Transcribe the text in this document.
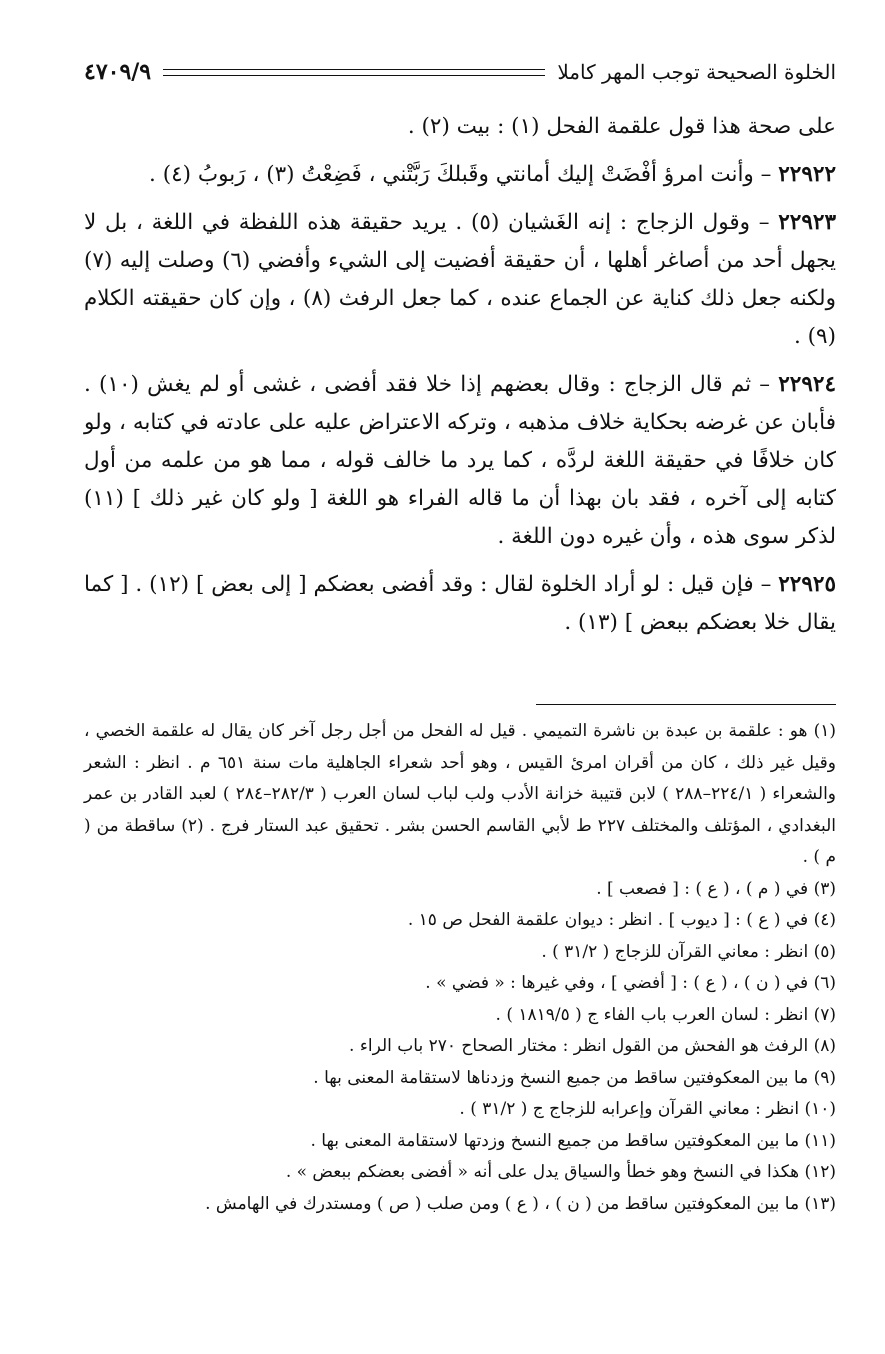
الخلوة الصحيحة توجب المهر كاملا
٤٧٠٩/٩

على صحة هذا قول علقمة الفحل (١) : بيت (٢) .

٢٢٩٢٢ – وأنت امرؤ أفْضَتْ إليك أمانتي وقَبلكَ رَبَّتْني ، فَضِعْتُ (٣) ، رَبوبُ (٤) .

٢٢٩٢٣ – وقول الزجاج : إنه الغَشيان (٥) . يريد حقيقة هذه اللفظة في اللغة ، بل لا يجهل أحد من أصاغر أهلها ، أن حقيقة أفضيت إلى الشيء وأفضي (٦) وصلت إليه (٧) ولكنه جعل ذلك كناية عن الجماع عنده ، كما جعل الرفث (٨) ، وإن كان حقيقته الكلام (٩) .

٢٢٩٢٤ – ثم قال الزجاج : وقال بعضهم إذا خلا فقد أفضى ، غشى أو لم يغش (١٠) . فأبان عن غرضه بحكاية خلاف مذهبه ، وتركه الاعتراض عليه على عادته في كتابه ، ولو كان خلافًا في حقيقة اللغة لردَّه ، كما يرد ما خالف قوله ، مما هو من علمه من أول كتابه إلى آخره ، فقد بان بهذا أن ما قاله الفراء هو اللغة [ ولو كان غير ذلك ] (١١) لذكر سوى هذه ، وأن غيره دون اللغة .

٢٢٩٢٥ – فإن قيل : لو أراد الخلوة لقال : وقد أفضى بعضكم [ إلى بعض ] (١٢) . [ كما يقال خلا بعضكم ببعض ] (١٣) .

(١) هو : علقمة بن عبدة بن ناشرة التميمي . قيل له الفحل من أجل رجل آخر كان يقال له علقمة الخصي ، وقيل غير ذلك ، كان من أقران امرئ القيس ، وهو أحد شعراء الجاهلية مات سنة ٦٥١ م . انظر : الشعر والشعراء ( ٢٢٤/١–٢٨٨ ) لابن قتيبة خزانة الأدب ولب لباب لسان العرب ( ٢٨٢/٣–٢٨٤ ) لعبد القادر بن عمر البغدادي ، المؤتلف والمختلف ٢٢٧ ط لأبي القاسم الحسن بشر . تحقيق عبد الستار فرج . (٢) ساقطة من ( م ) .

(٣) في ( م ) ، ( ع ) : [ فصعب ] .

(٤) في ( ع ) : [ ديوب ] . انظر : ديوان علقمة الفحل ص ١٥ .

(٥) انظر : معاني القرآن للزجاج ( ٣١/٢ ) .

(٦) في ( ن ) ، ( ع ) : [ أفضي ] ، وفي غيرها : « فضي » .

(٧) انظر : لسان العرب باب الفاء ج ( ١٨١٩/٥ ) .

(٨) الرفث هو الفحش من القول انظر : مختار الصحاح ٢٧٠ باب الراء .

(٩) ما بين المعكوفتين ساقط من جميع النسخ وزدناها لاستقامة المعنى بها .

(١٠) انظر : معاني القرآن وإعرابه للزجاج ج ( ٣١/٢ ) .

(١١) ما بين المعكوفتين ساقط من جميع النسخ وزدتها لاستقامة المعنى بها .

(١٢) هكذا في النسخ وهو خطأ والسياق يدل على أنه « أفضى بعضكم ببعض » .

(١٣) ما بين المعكوفتين ساقط من ( ن ) ، ( ع ) ومن صلب ( ص ) ومستدرك في الهامش .
